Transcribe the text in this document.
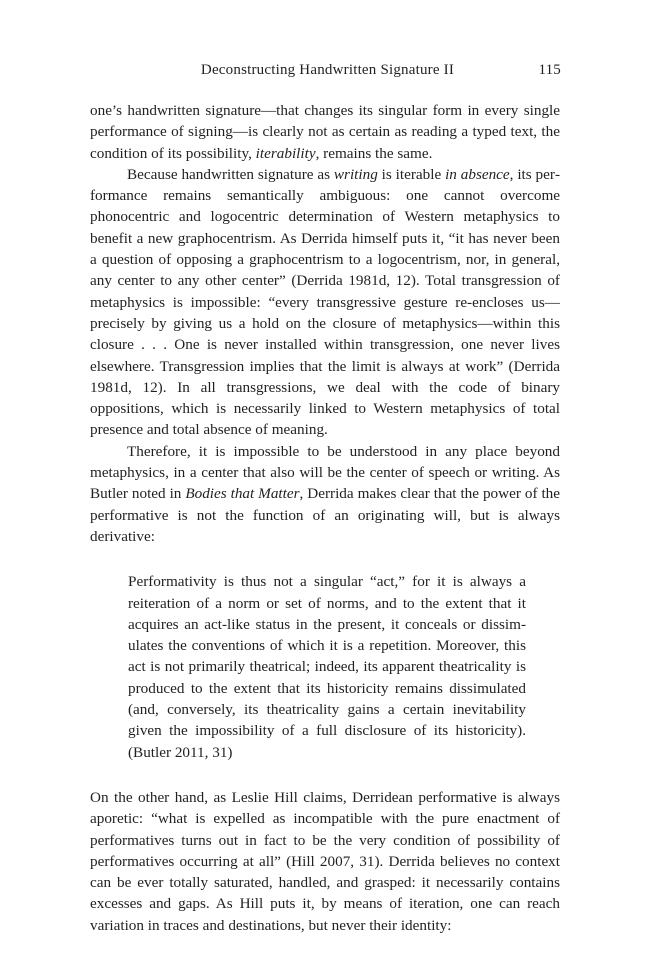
Deconstructing Handwritten Signature II	115

one’s handwritten signature—that changes its singular form in every single performance of signing—is clearly not as certain as reading a typed text, the condition of its possibility, iterability, remains the same.

Because handwritten signature as writing is iterable in absence, its performance remains semantically ambiguous: one cannot overcome phonocentric and logocentric determination of Western metaphysics to benefit a new graphocentrism. As Derrida himself puts it, “it has never been a question of opposing a graphocentrism to a logocentrism, nor, in general, any center to any other center” (Derrida 1981d, 12). Total transgression of metaphysics is impossible: “every transgressive gesture re-encloses us—precisely by giving us a hold on the closure of metaphysics—within this closure . . . One is never installed within transgression, one never lives elsewhere. Transgression implies that the limit is always at work” (Derrida 1981d, 12). In all transgressions, we deal with the code of binary oppositions, which is necessarily linked to Western metaphysics of total presence and total absence of meaning.

Therefore, it is impossible to be understood in any place beyond metaphysics, in a center that also will be the center of speech or writing. As Butler noted in Bodies that Matter, Derrida makes clear that the power of the performative is not the function of an originating will, but is always derivative:

Performativity is thus not a singular “act,” for it is always a reiteration of a norm or set of norms, and to the extent that it acquires an act-like status in the present, it conceals or dissimulates the conventions of which it is a repetition. Moreover, this act is not primarily theatrical; indeed, its apparent theatricality is produced to the extent that its historicity remains dissimulated (and, conversely, its theatricality gains a certain inevitability given the impossibility of a full disclosure of its historicity). (Butler 2011, 31)

On the other hand, as Leslie Hill claims, Derridean performative is always aporetic: “what is expelled as incompatible with the pure enactment of performatives turns out in fact to be the very condition of possibility of performatives occurring at all” (Hill 2007, 31). Derrida believes no context can be ever totally saturated, handled, and grasped: it necessarily contains excesses and gaps. As Hill puts it, by means of iteration, one can reach variation in traces and destinations, but never their identity:
